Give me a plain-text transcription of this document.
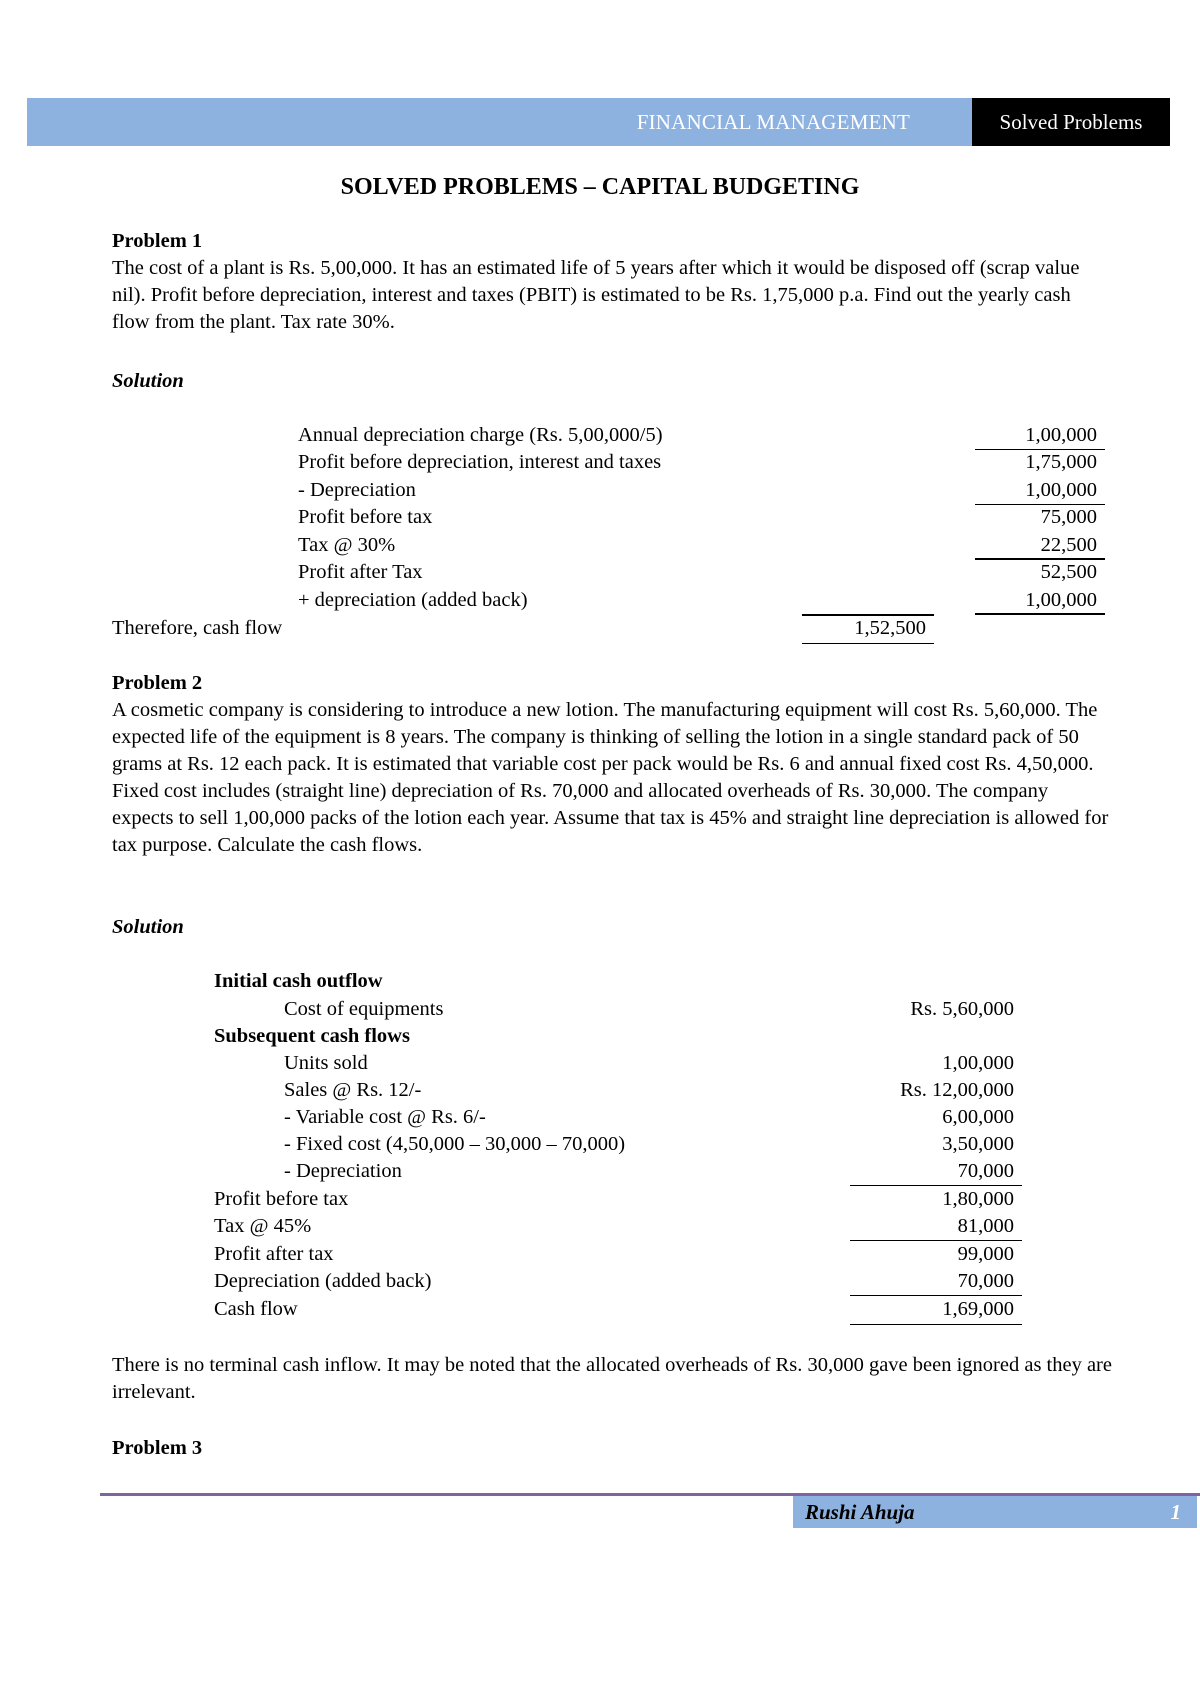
FINANCIAL MANAGEMENT	Solved Problems
SOLVED PROBLEMS – CAPITAL BUDGETING
Problem 1
The cost of a plant is Rs. 5,00,000. It has an estimated life of 5 years after which it would be disposed off (scrap value nil). Profit before depreciation, interest and taxes (PBIT) is estimated to be Rs. 1,75,000 p.a. Find out the yearly cash flow from the plant. Tax rate 30%.
Solution
Annual depreciation charge (Rs. 5,00,000/5)	1,00,000
Profit before depreciation, interest and taxes	1,75,000
- Depreciation	1,00,000
Profit before tax	75,000
Tax @ 30%	22,500
Profit after Tax	52,500
+ depreciation (added back)	1,00,000
Therefore, cash flow	1,52,500
Problem 2
A cosmetic company is considering to introduce a new lotion. The manufacturing equipment will cost Rs. 5,60,000. The expected life of the equipment is 8 years. The company is thinking of selling the lotion in a single standard pack of 50 grams at Rs. 12 each pack. It is estimated that variable cost per pack would be Rs. 6 and annual fixed cost Rs. 4,50,000. Fixed cost includes (straight line) depreciation of Rs. 70,000 and allocated overheads of Rs. 30,000. The company expects to sell 1,00,000 packs of the lotion each year. Assume that tax is 45% and straight line depreciation is allowed for tax purpose. Calculate the cash flows.
Solution
Initial cash outflow
Cost of equipments	Rs. 5,60,000
Subsequent cash flows
Units sold	1,00,000
Sales @ Rs. 12/-	Rs. 12,00,000
- Variable cost @ Rs. 6/-	6,00,000
- Fixed cost (4,50,000 – 30,000 – 70,000)	3,50,000
- Depreciation	70,000
Profit before tax	1,80,000
Tax @ 45%	81,000
Profit after tax	99,000
Depreciation (added back)	70,000
Cash flow	1,69,000
There is no terminal cash inflow. It may be noted that the allocated overheads of Rs. 30,000 gave been ignored as they are irrelevant.
Problem 3
Rushi Ahuja	1
